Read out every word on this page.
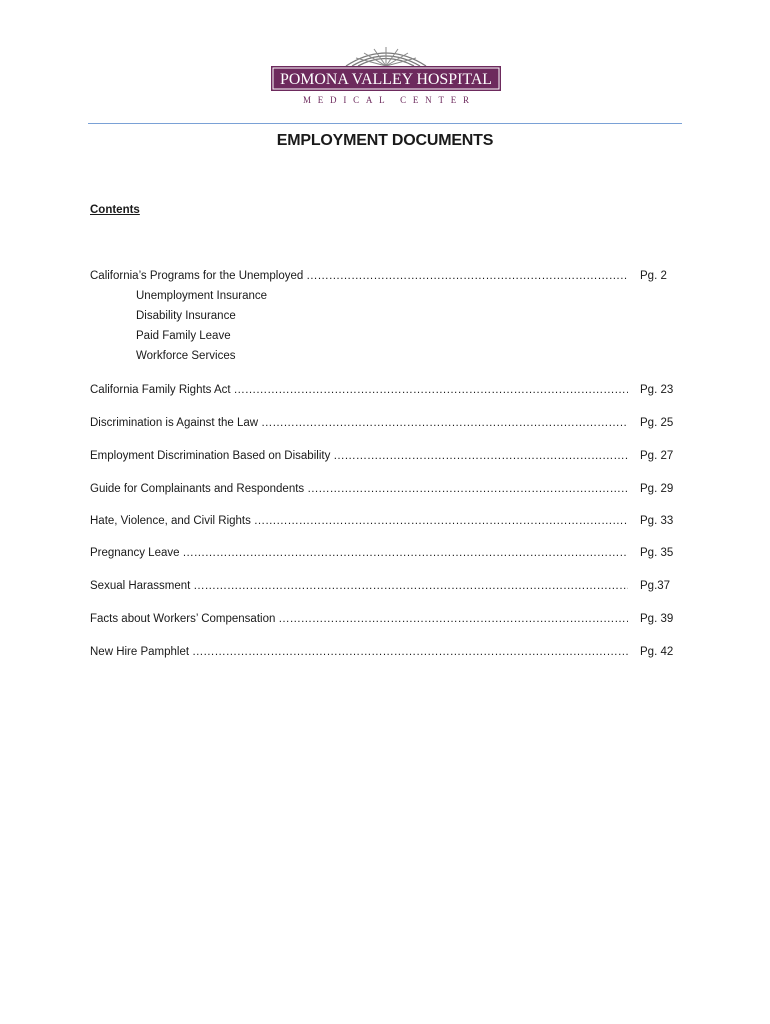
POMONA VALLEY HOSPITAL
MEDICAL CENTER
EMPLOYMENT DOCUMENTS
Contents
California’s Programs for the Unemployed ……………………………………………………………………………………………………………………………………………………………………………………	Pg. 2
Unemployment Insurance
Disability Insurance
Paid Family Leave
Workforce Services
California Family Rights Act ……………………………………………………………………………………………………………………………………………………………………………………	Pg. 23
Discrimination is Against the Law ……………………………………………………………………………………………………………………………………………………………………………………	Pg. 25
Employment Discrimination Based on Disability ……………………………………………………………………………………………………………………………………………………………………………………	Pg. 27
Guide for Complainants and Respondents ……………………………………………………………………………………………………………………………………………………………………………………	Pg. 29
Hate, Violence, and Civil Rights ……………………………………………………………………………………………………………………………………………………………………………………	Pg. 33
Pregnancy Leave ……………………………………………………………………………………………………………………………………………………………………………………	Pg. 35
Sexual Harassment ……………………………………………………………………………………………………………………………………………………………………………………	Pg.37
Facts about Workers’ Compensation ……………………………………………………………………………………………………………………………………………………………………………………	Pg. 39
New Hire Pamphlet ……………………………………………………………………………………………………………………………………………………………………………………	Pg. 42
